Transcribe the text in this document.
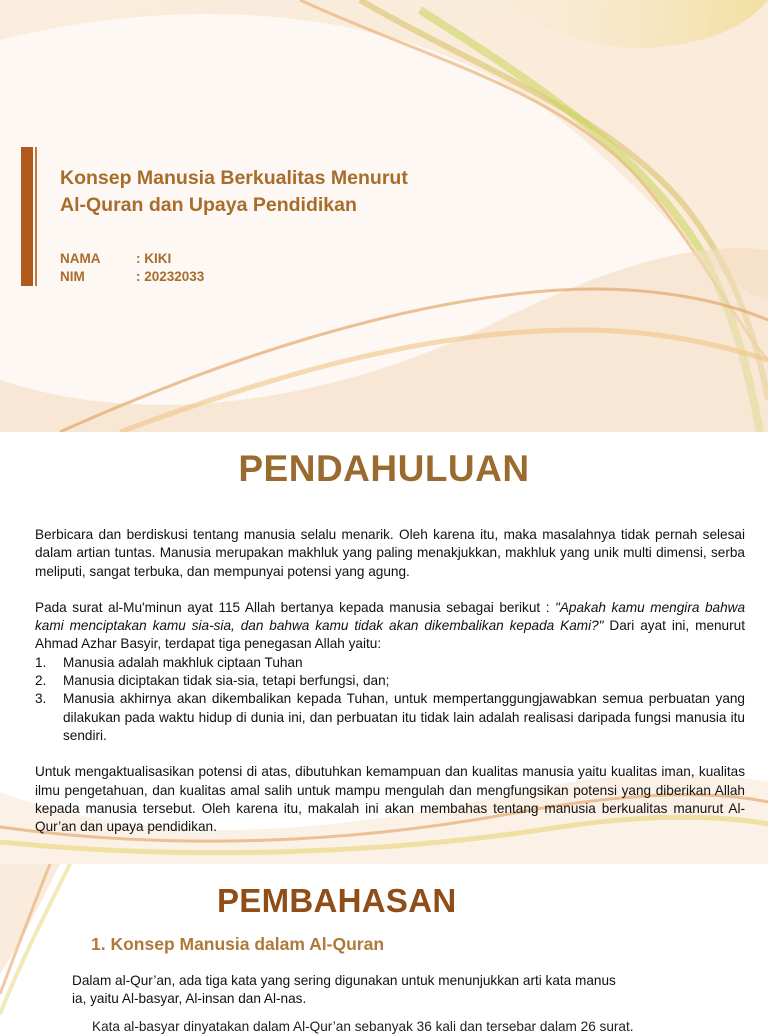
Konsep Manusia Berkualitas Menurut
Al-Quran dan Upaya Pendidikan
NAMA	: KIKI
NIM	: 20232033
PENDAHULUAN

Berbicara dan berdiskusi tentang manusia selalu menarik. Oleh karena itu, maka masalahnya tidak pernah selesai dalam artian tuntas. Manusia merupakan makhluk yang paling menakjukkan, makhluk yang unik multi dimensi, serba meliputi, sangat terbuka, dan mempunyai potensi yang agung.

Pada surat al-Mu'minun ayat 115 Allah bertanya kepada manusia sebagai berikut : "Apakah kamu mengira bahwa kami menciptakan kamu sia-sia, dan bahwa kamu tidak akan dikembalikan kepada Kami?" Dari ayat ini, menurut Ahmad Azhar Basyir, terdapat tiga penegasan Allah yaitu:

1.	Manusia adalah makhluk ciptaan Tuhan
2.	Manusia diciptakan tidak sia-sia, tetapi berfungsi, dan;
3.	Manusia akhirnya akan dikembalikan kepada Tuhan, untuk mempertanggungjawabkan semua perbuatan yang dilakukan pada waktu hidup di dunia ini, dan perbuatan itu tidak lain adalah realisasi daripada fungsi manusia itu sendiri.

Untuk mengaktualisasikan potensi di atas, dibutuhkan kemampuan dan kualitas manusia yaitu kualitas iman, kualitas ilmu pengetahuan, dan kualitas amal salih untuk mampu mengulah dan mengfungsikan potensi yang diberikan Allah kepada manusia tersebut. Oleh karena itu, makalah ini akan membahas tentang manusia berkualitas manurut Al-Qur’an dan upaya pendidikan.

PEMBAHASAN
1. Konsep Manusia dalam Al-Quran
Dalam al-Qur’an, ada tiga kata yang sering digunakan untuk menunjukkan arti kata manus
ia, yaitu Al-basyar, Al-insan dan Al-nas.
Kata al-basyar dinyatakan dalam Al-Qur’an sebanyak 36 kali dan tersebar dalam 26 surat.
